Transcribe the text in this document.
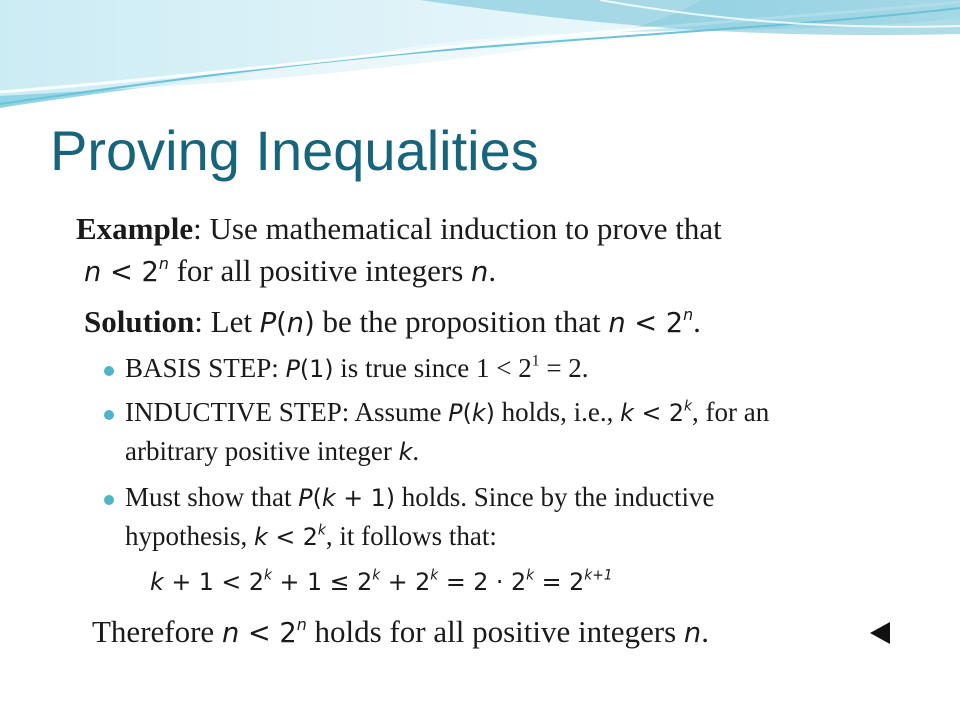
Proving Inequalities
Example: Use mathematical induction to prove that
$n < 2^n$ for all positive integers n.
Solution: Let P(n) be the proposition that $n < 2^n$.
BASIS STEP: P(1) is true since $1 < 2^1 = 2$.
INDUCTIVE STEP: Assume P(k) holds, i.e., $k < 2^k$, for an
arbitrary positive integer k.
Must show that P(k + 1) holds. Since by the inductive
hypothesis, $k < 2^k$, it follows that:
$k + 1 < 2^k + 1 \le 2^k + 2^k = 2 \cdot 2^k = 2^{k+1}$
Therefore $n < 2^n$ holds for all positive integers n.
